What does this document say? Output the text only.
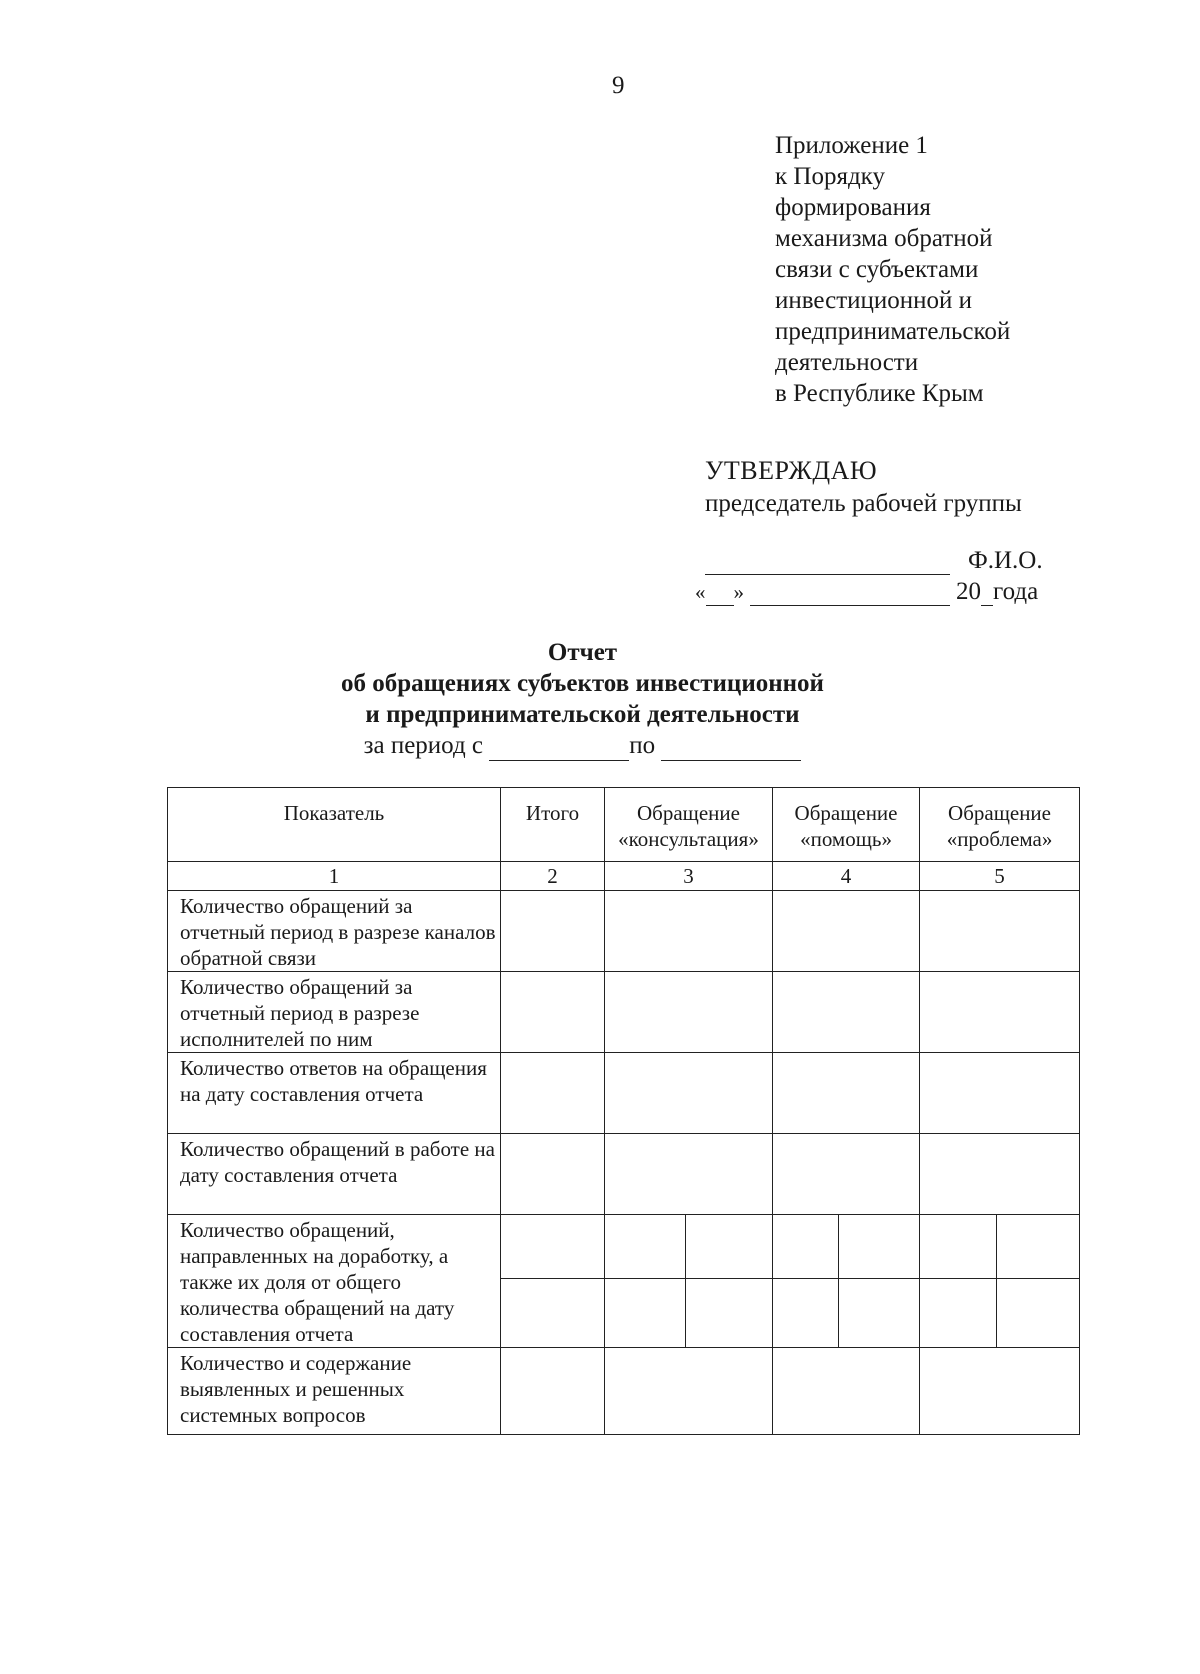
9
Приложение 1
к Порядку
формирования
механизма обратной
связи с субъектами
инвестиционной и
предпринимательской
деятельности
в Республике Крым
УТВЕРЖДАЮ
председатель рабочей группы
Ф.И.О.
« »	20 года
Отчет
об обращениях субъектов инвестиционной
и предпринимательской деятельности
за период с	по
Показатель	Итого	Обращение «консультация»		Обращение «помощь»		Обращение «проблема»	
1	2	3		4		5	
Количество обращений за отчетный период в разрезе каналов обратной связи							
Количество обращений за отчетный период в разрезе исполнителей по ним							
Количество ответов на обращения на дату составления отчета							
Количество обращений в работе на дату составления отчета							
Количество обращений, направленных на доработку, а также их доля от общего количества обращений на дату составления отчета							

Количество и содержание выявленных и решенных системных вопросов							
